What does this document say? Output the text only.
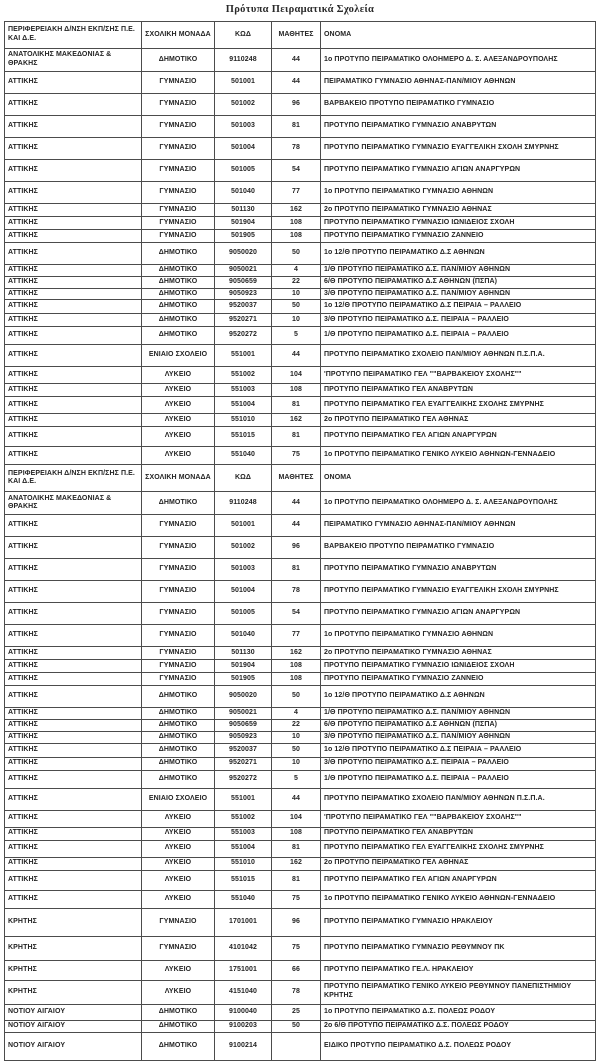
Πρότυπα Πειραματικά Σχολεία
ΠΕΡΙΦΕΡΕΙΑΚΗ Δ/ΝΣΗ ΕΚΠ/ΣΗΣ Π.Ε. ΚΑΙ Δ.Ε.	ΣΧΟΛΙΚΗ ΜΟΝΑΔΑ	ΚΩΔ	ΜΑΘΗΤΕΣ	ΟΝΟΜΑ
ΑΝΑΤΟΛΙΚΗΣ ΜΑΚΕΔΟΝΙΑΣ & ΘΡΑΚΗΣ	ΔΗΜΟΤΙΚΟ	9110248	44	1ο ΠΡΟΤΥΠΟ ΠΕΙΡΑΜΑΤΙΚΟ ΟΛΟΗΜΕΡΟ Δ. Σ. ΑΛΕΞΑΝΔΡΟΥΠΟΛΗΣ
ΑΤΤΙΚΗΣ	ΓΥΜΝΑΣΙΟ	501001	44	ΠΕΙΡΑΜΑΤΙΚΟ ΓΥΜΝΑΣΙΟ ΑΘΗΝΑΣ-ΠΑΝ/ΜΙΟΥ ΑΘΗΝΩΝ
ΑΤΤΙΚΗΣ	ΓΥΜΝΑΣΙΟ	501002	96	ΒΑΡΒΑΚΕΙΟ ΠΡΟΤΥΠΟ ΠΕΙΡΑΜΑΤΙΚΟ ΓΥΜΝΑΣΙΟ
ΑΤΤΙΚΗΣ	ΓΥΜΝΑΣΙΟ	501003	81	ΠΡΟΤΥΠΟ ΠΕΙΡΑΜΑΤΙΚΟ ΓΥΜΝΑΣΙΟ ΑΝΑΒΡΥΤΩΝ
ΑΤΤΙΚΗΣ	ΓΥΜΝΑΣΙΟ	501004	78	ΠΡΟΤΥΠΟ ΠΕΙΡΑΜΑΤΙΚΟ ΓΥΜΝΑΣΙΟ ΕΥΑΓΓΕΛΙΚΗ ΣΧΟΛΗ ΣΜΥΡΝΗΣ
ΑΤΤΙΚΗΣ	ΓΥΜΝΑΣΙΟ	501005	54	ΠΡΟΤΥΠΟ ΠΕΙΡΑΜΑΤΙΚΟ ΓΥΜΝΑΣΙΟ ΑΓΙΩΝ ΑΝΑΡΓΥΡΩΝ
ΑΤΤΙΚΗΣ	ΓΥΜΝΑΣΙΟ	501040	77	1ο ΠΡΟΤΥΠΟ ΠΕΙΡΑΜΑΤΙΚΟ ΓΥΜΝΑΣΙΟ ΑΘΗΝΩΝ
ΑΤΤΙΚΗΣ	ΓΥΜΝΑΣΙΟ	501130	162	2ο ΠΡΟΤΥΠΟ ΠΕΙΡΑΜΑΤΙΚΟ ΓΥΜΝΑΣΙΟ ΑΘΗΝΑΣ
ΑΤΤΙΚΗΣ	ΓΥΜΝΑΣΙΟ	501904	108	ΠΡΟΤΥΠΟ ΠΕΙΡΑΜΑΤΙΚΟ ΓΥΜΝΑΣΙΟ ΙΩΝΙΔΕΙΟΣ ΣΧΟΛΗ
ΑΤΤΙΚΗΣ	ΓΥΜΝΑΣΙΟ	501905	108	ΠΡΟΤΥΠΟ ΠΕΙΡΑΜΑΤΙΚΟ ΓΥΜΝΑΣΙΟ ΖΑΝΝΕΙΟ
ΑΤΤΙΚΗΣ	ΔΗΜΟΤΙΚΟ	9050020	50	1ο 12/Θ ΠΡΟΤΥΠΟ ΠΕΙΡΑΜΑΤΙΚΟ Δ.Σ ΑΘΗΝΩΝ
ΑΤΤΙΚΗΣ	ΔΗΜΟΤΙΚΟ	9050021	4	1/Θ ΠΡΟΤΥΠΟ ΠΕΙΡΑΜΑΤΙΚΟ Δ.Σ. ΠΑΝ/ΜΙΟΥ ΑΘΗΝΩΝ
ΑΤΤΙΚΗΣ	ΔΗΜΟΤΙΚΟ	9050659	22	6/Θ ΠΡΟΤΥΠΟ ΠΕΙΡΑΜΑΤΙΚΟ Δ.Σ ΑΘΗΝΩΝ (ΠΣΠΑ)
ΑΤΤΙΚΗΣ	ΔΗΜΟΤΙΚΟ	9050923	10	3/Θ ΠΡΟΤΥΠΟ ΠΕΙΡΑΜΑΤΙΚΟ Δ.Σ. ΠΑΝ/ΜΙΟΥ ΑΘΗΝΩΝ
ΑΤΤΙΚΗΣ	ΔΗΜΟΤΙΚΟ	9520037	50	1ο 12/Θ ΠΡΟΤΥΠΟ ΠΕΙΡΑΜΑΤΙΚΟ Δ.Σ ΠΕΙΡΑΙΑ – ΡΑΛΛΕΙΟ
ΑΤΤΙΚΗΣ	ΔΗΜΟΤΙΚΟ	9520271	10	3/Θ ΠΡΟΤΥΠΟ ΠΕΙΡΑΜΑΤΙΚΟ Δ.Σ. ΠΕΙΡΑΙΑ – ΡΑΛΛΕΙΟ
ΑΤΤΙΚΗΣ	ΔΗΜΟΤΙΚΟ	9520272	5	1/Θ ΠΡΟΤΥΠΟ ΠΕΙΡΑΜΑΤΙΚΟ Δ.Σ. ΠΕΙΡΑΙΑ – ΡΑΛΛΕΙΟ
ΑΤΤΙΚΗΣ	ΕΝΙΑΙΟ ΣΧΟΛΕΙΟ	551001	44	ΠΡΟΤΥΠΟ ΠΕΙΡΑΜΑΤΙΚΟ ΣΧΟΛΕΙΟ ΠΑΝ/ΜΙΟΥ ΑΘΗΝΩΝ Π.Σ.Π.Α.
ΑΤΤΙΚΗΣ	ΛΥΚΕΙΟ	551002	104	'ΠΡΟΤΥΠΟ ΠΕΙΡΑΜΑΤΙΚΟ ΓΕΛ ""ΒΑΡΒΑΚΕΙΟΥ ΣΧΟΛΗΣ""
ΑΤΤΙΚΗΣ	ΛΥΚΕΙΟ	551003	108	ΠΡΟΤΥΠΟ ΠΕΙΡΑΜΑΤΙΚΟ ΓΕΛ ΑΝΑΒΡΥΤΩΝ
ΑΤΤΙΚΗΣ	ΛΥΚΕΙΟ	551004	81	ΠΡΟΤΥΠΟ ΠΕΙΡΑΜΑΤΙΚΟ ΓΕΛ ΕΥΑΓΓΕΛΙΚΗΣ ΣΧΟΛΗΣ ΣΜΥΡΝΗΣ
ΑΤΤΙΚΗΣ	ΛΥΚΕΙΟ	551010	162	2ο ΠΡΟΤΥΠΟ ΠΕΙΡΑΜΑΤΙΚΟ ΓΕΛ ΑΘΗΝΑΣ
ΑΤΤΙΚΗΣ	ΛΥΚΕΙΟ	551015	81	ΠΡΟΤΥΠΟ ΠΕΙΡΑΜΑΤΙΚΟ ΓΕΛ ΑΓΙΩΝ ΑΝΑΡΓΥΡΩΝ
ΑΤΤΙΚΗΣ	ΛΥΚΕΙΟ	551040	75	1ο ΠΡΟΤΥΠΟ ΠΕΙΡΑΜΑΤΙΚΟ ΓΕΝΙΚΟ ΛΥΚΕΙΟ ΑΘΗΝΩΝ-ΓΕΝΝΑΔΕΙΟ
ΠΕΡΙΦΕΡΕΙΑΚΗ Δ/ΝΣΗ ΕΚΠ/ΣΗΣ Π.Ε. ΚΑΙ Δ.Ε.	ΣΧΟΛΙΚΗ ΜΟΝΑΔΑ	ΚΩΔ	ΜΑΘΗΤΕΣ	ΟΝΟΜΑ
ΑΝΑΤΟΛΙΚΗΣ ΜΑΚΕΔΟΝΙΑΣ & ΘΡΑΚΗΣ	ΔΗΜΟΤΙΚΟ	9110248	44	1ο ΠΡΟΤΥΠΟ ΠΕΙΡΑΜΑΤΙΚΟ ΟΛΟΗΜΕΡΟ Δ. Σ. ΑΛΕΞΑΝΔΡΟΥΠΟΛΗΣ
ΑΤΤΙΚΗΣ	ΓΥΜΝΑΣΙΟ	501001	44	ΠΕΙΡΑΜΑΤΙΚΟ ΓΥΜΝΑΣΙΟ ΑΘΗΝΑΣ-ΠΑΝ/ΜΙΟΥ ΑΘΗΝΩΝ
ΑΤΤΙΚΗΣ	ΓΥΜΝΑΣΙΟ	501002	96	ΒΑΡΒΑΚΕΙΟ ΠΡΟΤΥΠΟ ΠΕΙΡΑΜΑΤΙΚΟ ΓΥΜΝΑΣΙΟ
ΑΤΤΙΚΗΣ	ΓΥΜΝΑΣΙΟ	501003	81	ΠΡΟΤΥΠΟ ΠΕΙΡΑΜΑΤΙΚΟ ΓΥΜΝΑΣΙΟ ΑΝΑΒΡΥΤΩΝ
ΑΤΤΙΚΗΣ	ΓΥΜΝΑΣΙΟ	501004	78	ΠΡΟΤΥΠΟ ΠΕΙΡΑΜΑΤΙΚΟ ΓΥΜΝΑΣΙΟ ΕΥΑΓΓΕΛΙΚΗ ΣΧΟΛΗ ΣΜΥΡΝΗΣ
ΑΤΤΙΚΗΣ	ΓΥΜΝΑΣΙΟ	501005	54	ΠΡΟΤΥΠΟ ΠΕΙΡΑΜΑΤΙΚΟ ΓΥΜΝΑΣΙΟ ΑΓΙΩΝ ΑΝΑΡΓΥΡΩΝ
ΑΤΤΙΚΗΣ	ΓΥΜΝΑΣΙΟ	501040	77	1ο ΠΡΟΤΥΠΟ ΠΕΙΡΑΜΑΤΙΚΟ ΓΥΜΝΑΣΙΟ ΑΘΗΝΩΝ
ΑΤΤΙΚΗΣ	ΓΥΜΝΑΣΙΟ	501130	162	2ο ΠΡΟΤΥΠΟ ΠΕΙΡΑΜΑΤΙΚΟ ΓΥΜΝΑΣΙΟ ΑΘΗΝΑΣ
ΑΤΤΙΚΗΣ	ΓΥΜΝΑΣΙΟ	501904	108	ΠΡΟΤΥΠΟ ΠΕΙΡΑΜΑΤΙΚΟ ΓΥΜΝΑΣΙΟ ΙΩΝΙΔΕΙΟΣ ΣΧΟΛΗ
ΑΤΤΙΚΗΣ	ΓΥΜΝΑΣΙΟ	501905	108	ΠΡΟΤΥΠΟ ΠΕΙΡΑΜΑΤΙΚΟ ΓΥΜΝΑΣΙΟ ΖΑΝΝΕΙΟ
ΑΤΤΙΚΗΣ	ΔΗΜΟΤΙΚΟ	9050020	50	1ο 12/Θ ΠΡΟΤΥΠΟ ΠΕΙΡΑΜΑΤΙΚΟ Δ.Σ ΑΘΗΝΩΝ
ΑΤΤΙΚΗΣ	ΔΗΜΟΤΙΚΟ	9050021	4	1/Θ ΠΡΟΤΥΠΟ ΠΕΙΡΑΜΑΤΙΚΟ Δ.Σ. ΠΑΝ/ΜΙΟΥ ΑΘΗΝΩΝ
ΑΤΤΙΚΗΣ	ΔΗΜΟΤΙΚΟ	9050659	22	6/Θ ΠΡΟΤΥΠΟ ΠΕΙΡΑΜΑΤΙΚΟ Δ.Σ ΑΘΗΝΩΝ (ΠΣΠΑ)
ΑΤΤΙΚΗΣ	ΔΗΜΟΤΙΚΟ	9050923	10	3/Θ ΠΡΟΤΥΠΟ ΠΕΙΡΑΜΑΤΙΚΟ Δ.Σ. ΠΑΝ/ΜΙΟΥ ΑΘΗΝΩΝ
ΑΤΤΙΚΗΣ	ΔΗΜΟΤΙΚΟ	9520037	50	1ο 12/Θ ΠΡΟΤΥΠΟ ΠΕΙΡΑΜΑΤΙΚΟ Δ.Σ ΠΕΙΡΑΙΑ – ΡΑΛΛΕΙΟ
ΑΤΤΙΚΗΣ	ΔΗΜΟΤΙΚΟ	9520271	10	3/Θ ΠΡΟΤΥΠΟ ΠΕΙΡΑΜΑΤΙΚΟ Δ.Σ. ΠΕΙΡΑΙΑ – ΡΑΛΛΕΙΟ
ΑΤΤΙΚΗΣ	ΔΗΜΟΤΙΚΟ	9520272	5	1/Θ ΠΡΟΤΥΠΟ ΠΕΙΡΑΜΑΤΙΚΟ Δ.Σ. ΠΕΙΡΑΙΑ – ΡΑΛΛΕΙΟ
ΑΤΤΙΚΗΣ	ΕΝΙΑΙΟ ΣΧΟΛΕΙΟ	551001	44	ΠΡΟΤΥΠΟ ΠΕΙΡΑΜΑΤΙΚΟ ΣΧΟΛΕΙΟ ΠΑΝ/ΜΙΟΥ ΑΘΗΝΩΝ Π.Σ.Π.Α.
ΑΤΤΙΚΗΣ	ΛΥΚΕΙΟ	551002	104	'ΠΡΟΤΥΠΟ ΠΕΙΡΑΜΑΤΙΚΟ ΓΕΛ ""ΒΑΡΒΑΚΕΙΟΥ ΣΧΟΛΗΣ""
ΑΤΤΙΚΗΣ	ΛΥΚΕΙΟ	551003	108	ΠΡΟΤΥΠΟ ΠΕΙΡΑΜΑΤΙΚΟ ΓΕΛ ΑΝΑΒΡΥΤΩΝ
ΑΤΤΙΚΗΣ	ΛΥΚΕΙΟ	551004	81	ΠΡΟΤΥΠΟ ΠΕΙΡΑΜΑΤΙΚΟ ΓΕΛ ΕΥΑΓΓΕΛΙΚΗΣ ΣΧΟΛΗΣ ΣΜΥΡΝΗΣ
ΑΤΤΙΚΗΣ	ΛΥΚΕΙΟ	551010	162	2ο ΠΡΟΤΥΠΟ ΠΕΙΡΑΜΑΤΙΚΟ ΓΕΛ ΑΘΗΝΑΣ
ΑΤΤΙΚΗΣ	ΛΥΚΕΙΟ	551015	81	ΠΡΟΤΥΠΟ ΠΕΙΡΑΜΑΤΙΚΟ ΓΕΛ ΑΓΙΩΝ ΑΝΑΡΓΥΡΩΝ
ΑΤΤΙΚΗΣ	ΛΥΚΕΙΟ	551040	75	1ο ΠΡΟΤΥΠΟ ΠΕΙΡΑΜΑΤΙΚΟ ΓΕΝΙΚΟ ΛΥΚΕΙΟ ΑΘΗΝΩΝ-ΓΕΝΝΑΔΕΙΟ
ΚΡΗΤΗΣ	ΓΥΜΝΑΣΙΟ	1701001	96	ΠΡΟΤΥΠΟ ΠΕΙΡΑΜΑΤΙΚΟ ΓΥΜΝΑΣΙΟ ΗΡΑΚΛΕΙΟΥ
ΚΡΗΤΗΣ	ΓΥΜΝΑΣΙΟ	4101042	75	ΠΡΟΤΥΠΟ ΠΕΙΡΑΜΑΤΙΚΟ ΓΥΜΝΑΣΙΟ ΡΕΘΥΜΝΟΥ ΠΚ
ΚΡΗΤΗΣ	ΛΥΚΕΙΟ	1751001	66	ΠΡΟΤΥΠΟ ΠΕΙΡΑΜΑΤΙΚΟ ΓΕ.Λ. ΗΡΑΚΛΕΙΟΥ
ΚΡΗΤΗΣ	ΛΥΚΕΙΟ	4151040	78	ΠΡΟΤΥΠΟ ΠΕΙΡΑΜΑΤΙΚΟ ΓΕΝΙΚΟ ΛΥΚΕΙΟ ΡΕΘΥΜΝΟΥ ΠΑΝΕΠΙΣΤΗΜΙΟΥ ΚΡΗΤΗΣ
ΝΟΤΙΟΥ ΑΙΓΑΙΟΥ	ΔΗΜΟΤΙΚΟ	9100040	25	1ο ΠΡΟΤΥΠΟ ΠΕΙΡΑΜΑΤΙΚΟ Δ.Σ. ΠΟΛΕΩΣ ΡΟΔΟΥ
ΝΟΤΙΟΥ ΑΙΓΑΙΟΥ	ΔΗΜΟΤΙΚΟ	9100203	50	2ο 6/Θ ΠΡΟΤΥΠΟ ΠΕΙΡΑΜΑΤΙΚΟ Δ.Σ. ΠΟΛΕΩΣ ΡΟΔΟΥ
ΝΟΤΙΟΥ ΑΙΓΑΙΟΥ	ΔΗΜΟΤΙΚΟ	9100214		ΕΙΔΙΚΟ ΠΡΟΤΥΠΟ ΠΕΙΡΑΜΑΤΙΚΟ Δ.Σ. ΠΟΛΕΩΣ ΡΟΔΟΥ
